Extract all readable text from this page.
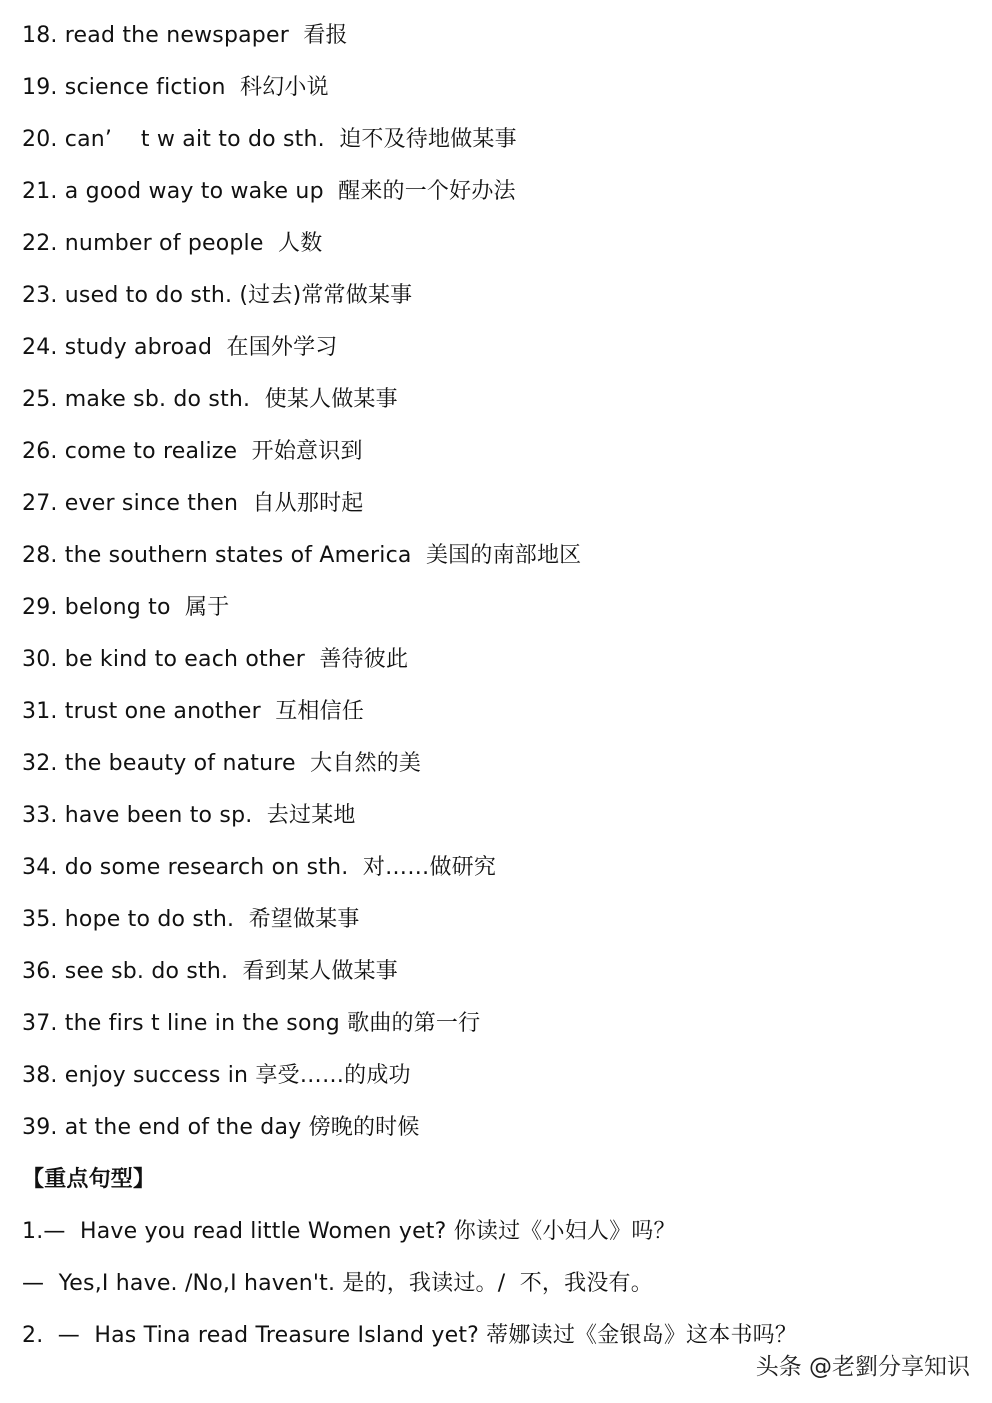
18. read the newspaper  看报
19. science fiction  科幻小说
20. can’    t w ait to do sth.  迫不及待地做某事
21. a good way to wake up  醒来的一个好办法
22. number of people  人数
23. used to do sth. (过去)常常做某事
24. study abroad  在国外学习
25. make sb. do sth.  使某人做某事
26. come to realize  开始意识到
27. ever since then  自从那时起
28. the southern states of America  美国的南部地区
29. belong to  属于
30. be kind to each other  善待彼此
31. trust one another  互相信任
32. the beauty of nature  大自然的美
33. have been to sp.  去过某地
34. do some research on sth.  对……做研究
35. hope to do sth.  希望做某事
36. see sb. do sth.  看到某人做某事
37. the firs t line in the song 歌曲的第一行
38. enjoy success in 享受……的成功
39. at the end of the day 傍晚的时候
【重点句型】
1.—  Have you read little Women yet? 你读过《小妇人》吗？
—  Yes,I have. /No,I haven't. 是的，我读过。/  不，我没有。
2.  —  Has Tina read Treasure Island yet? 蒂娜读过《金银岛》这本书吗？
头条 @老劉分享知识
